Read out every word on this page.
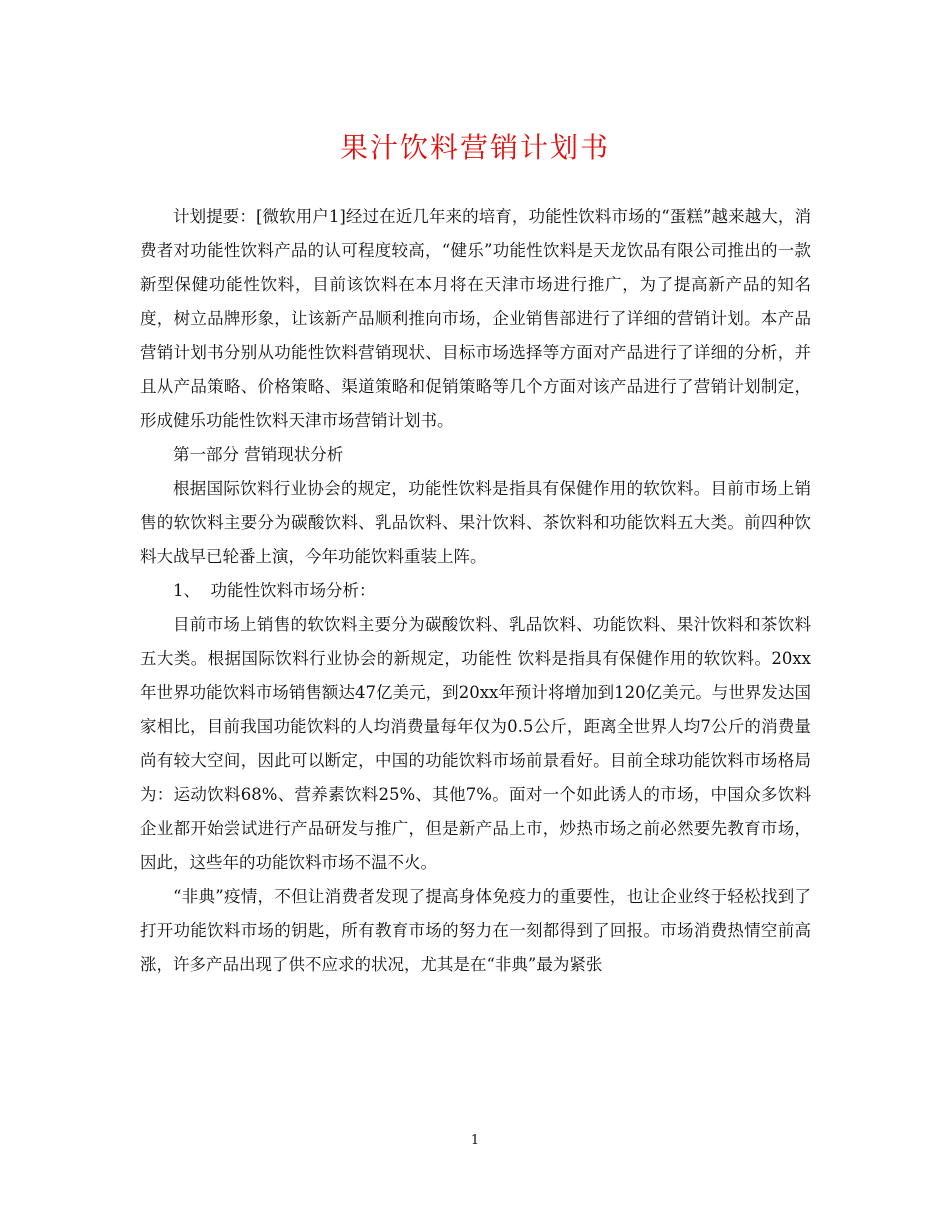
果汁饮料营销计划书

计划提要：[微软用户1]经过在近几年来的培育，功能性饮料市场的“蛋糕”越来越大，消费者对功能性饮料产品的认可程度较高，“健乐”功能性饮料是天龙饮品有限公司推出的一款新型保健功能性饮料，目前该饮料在本月将在天津市场进行推广，为了提高新产品的知名度，树立品牌形象，让该新产品顺利推向市场，企业销售部进行了详细的营销计划。本产品营销计划书分别从功能性饮料营销现状、目标市场选择等方面对产品进行了详细的分析，并且从产品策略、价格策略、渠道策略和促销策略等几个方面对该产品进行了营销计划制定，形成健乐功能性饮料天津市场营销计划书。

第一部分 营销现状分析

根据国际饮料行业协会的规定，功能性饮料是指具有保健作用的软饮料。目前市场上销售的软饮料主要分为碳酸饮料、乳品饮料、果汁饮料、茶饮料和功能饮料五大类。前四种饮料大战早已轮番上演，今年功能饮料重装上阵。

1、  功能性饮料市场分析：

目前市场上销售的软饮料主要分为碳酸饮料、乳品饮料、功能饮料、果汁饮料和茶饮料五大类。根据国际饮料行业协会的新规定，功能性 饮料是指具有保健作用的软饮料。20xx年世界功能饮料市场销售额达47亿美元，到20xx年预计将增加到120亿美元。与世界发达国家相比，目前我国功能饮料的人均消费量每年仅为0.5公斤，距离全世界人均7公斤的消费量尚有较大空间，因此可以断定，中国的功能饮料市场前景看好。目前全球功能饮料市场格局为：运动饮料68%、营养素饮料25%、其他7%。面对一个如此诱人的市场，中国众多饮料企业都开始尝试进行产品研发与推广，但是新产品上市，炒热市场之前必然要先教育市场，因此，这些年的功能饮料市场不温不火。

“非典”疫情，不但让消费者发现了提高身体免疫力的重要性，也让企业终于轻松找到了打开功能饮料市场的钥匙，所有教育市场的努力在一刻都得到了回报。市场消费热情空前高涨，许多产品出现了供不应求的状况，尤其是在“非典”最为紧张

1
